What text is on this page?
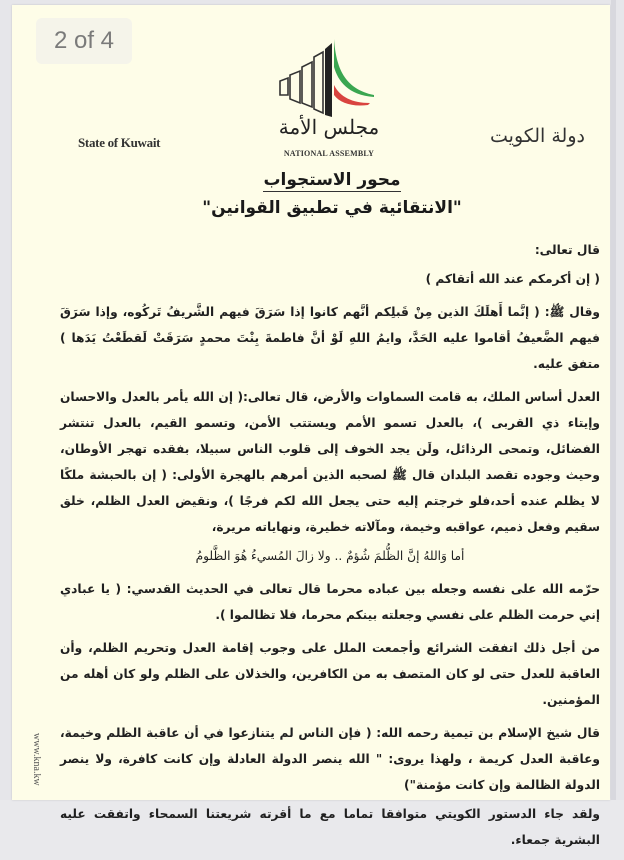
مجلس الأمة
NATIONAL ASSEMBLY
State of Kuwait	دولة الكويت
محور الاستجواب
"الانتقائية في تطبيق القوانين"

قال تعالى:

( إن أكرمكم عند الله أتقاكم )

وقال ﷺ: ( إنَّما أَهلَكَ الذين مِنْ قَبلِكم أنَّهم كانوا إذا سَرَقَ فيهم الشَّريفُ تَركُوه، وإذا سَرَقَ فيهم الضَّعيفُ أقاموا عليه الحَدَّ، وايمُ اللهِ لَوْ أنَّ فاطمةَ بِنْتَ محمدٍ سَرَقَتْ لَقطَعْتُ يَدَها ) متفق عليه.

العدل أساس الملك، به قامت السماوات والأرض، قال تعالى:( إن الله يأمر بالعدل والاحسان وإيتاء ذي القربى )، بالعدل تسمو الأمم ويستتب الأمن، وتسمو القيم، بالعدل تنتشر الفضائل، وتمحى الرذائل، ولَن يجد الخوف إلى قلوب الناس سبيلا، بفقده تهجر الأوطان، وحيث وجوده تقصد البلدان قال ﷺ لصحبه الذين أمرهم بالهجرة الأولى: ( إن بالحبشة ملكًا لا يظلم عنده أحد،فلو خرجتم إليه حتى يجعل الله لكم فرجًا )، ونقيض العدل الظلم، خلق سقيم وفعل ذميم، عواقبه وخيمة، ومآلاته خطيرة، ونهاياته مريرة،

أما وَاللهُ إنَّ الظُّلمَ شُؤمٌ .. ولا زالَ المُسيءُ هُوَ الظَّلومُ

حرّمه الله على نفسه وجعله بين عباده محرما قال تعالى في الحديث القدسي: ( يا عبادي إني حرمت الظلم على نفسي وجعلته بينكم محرما، فلا تظالموا ).

من أجل ذلك اتفقت الشرائع وأجمعت الملل على وجوب إقامة العدل وتحريم الظلم، وأن العاقبة للعدل حتى لو كان المتصف به من الكافرين، والخذلان على الظلم ولو كان أهله من المؤمنين.

قال شيخ الإسلام بن تيمية رحمه الله: ( فإن الناس لم يتنازعوا في أن عاقبة الظلم وخيمة، وعاقبة العدل كريمة ، ولهذا يروى: " الله ينصر الدولة العادلة وإن كانت كافرة، ولا ينصر الدولة الظالمة وإن كانت مؤمنة")

ولقد جاء الدستور الكويتي متوافقا تماما مع ما أقرته شريعتنا السمحاء واتفقت عليه البشرية جمعاء.

www.kna.kw
2 of 4
